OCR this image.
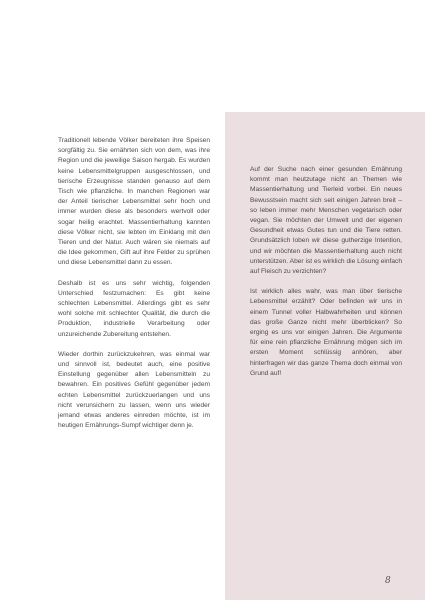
Traditionell lebende Völker bereiteten ihre Speisen sorgfältig zu. Sie ernährten sich von dem, was ihre Region und die jeweilige Saison hergab. Es wurden keine Lebensmittelgruppen ausgeschlossen, und tierische Erzeugnisse standen genauso auf dem Tisch wie pflanzliche. In manchen Regionen war der Anteil tierischer Lebensmittel sehr hoch und immer wurden diese als besonders wertvoll oder sogar heilig erachtet. Massentierhaltung kannten diese Völker nicht, sie lebten im Einklang mit den Tieren und der Natur. Auch wären sie niemals auf die Idee gekommen, Gift auf ihre Felder zu sprühen und diese Lebensmittel dann zu essen.

Deshalb ist es uns sehr wichtig, folgenden Unterschied festzumachen: Es gibt keine schlechten Lebensmittel. Allerdings gibt es sehr wohl solche mit schlechter Qualität, die durch die Produktion, industrielle Verarbeitung oder unzureichende Zubereitung entstehen.

Wieder dorthin zurückzukehren, was einmal war und sinnvoll ist, bedeutet auch, eine positive Einstellung gegenüber allen Lebensmitteln zu bewahren. Ein positives Gefühl gegenüber jedem echten Lebensmittel zurückzuerlangen und uns nicht verunsichern zu lassen, wenn uns wieder jemand etwas anderes einreden möchte, ist im heutigen Ernährungs-Sumpf wichtiger denn je.

Auf der Suche nach einer gesunden Ernährung kommt man heutzutage nicht an Themen wie Massentierhaltung und Tierleid vorbei. Ein neues Bewusstsein macht sich seit einigen Jahren breit – so leben immer mehr Menschen vegetarisch oder vegan. Sie möchten der Umwelt und der eigenen Gesundheit etwas Gutes tun und die Tiere retten. Grundsätzlich loben wir diese gutherzige Intention, und wir möchten die Massentierhaltung auch nicht unterstützen. Aber ist es wirklich die Lösung einfach auf Fleisch zu verzichten?

Ist wirklich alles wahr, was man über tierische Lebensmittel erzählt? Oder befinden wir uns in einem Tunnel voller Halbwahrheiten und können das große Ganze nicht mehr überblicken? So erging es uns vor einigen Jahren. Die Argumente für eine rein pflanzliche Ernährung mögen sich im ersten Moment schlüssig anhören, aber hinterfragen wir das ganze Thema doch einmal von Grund auf!

8
